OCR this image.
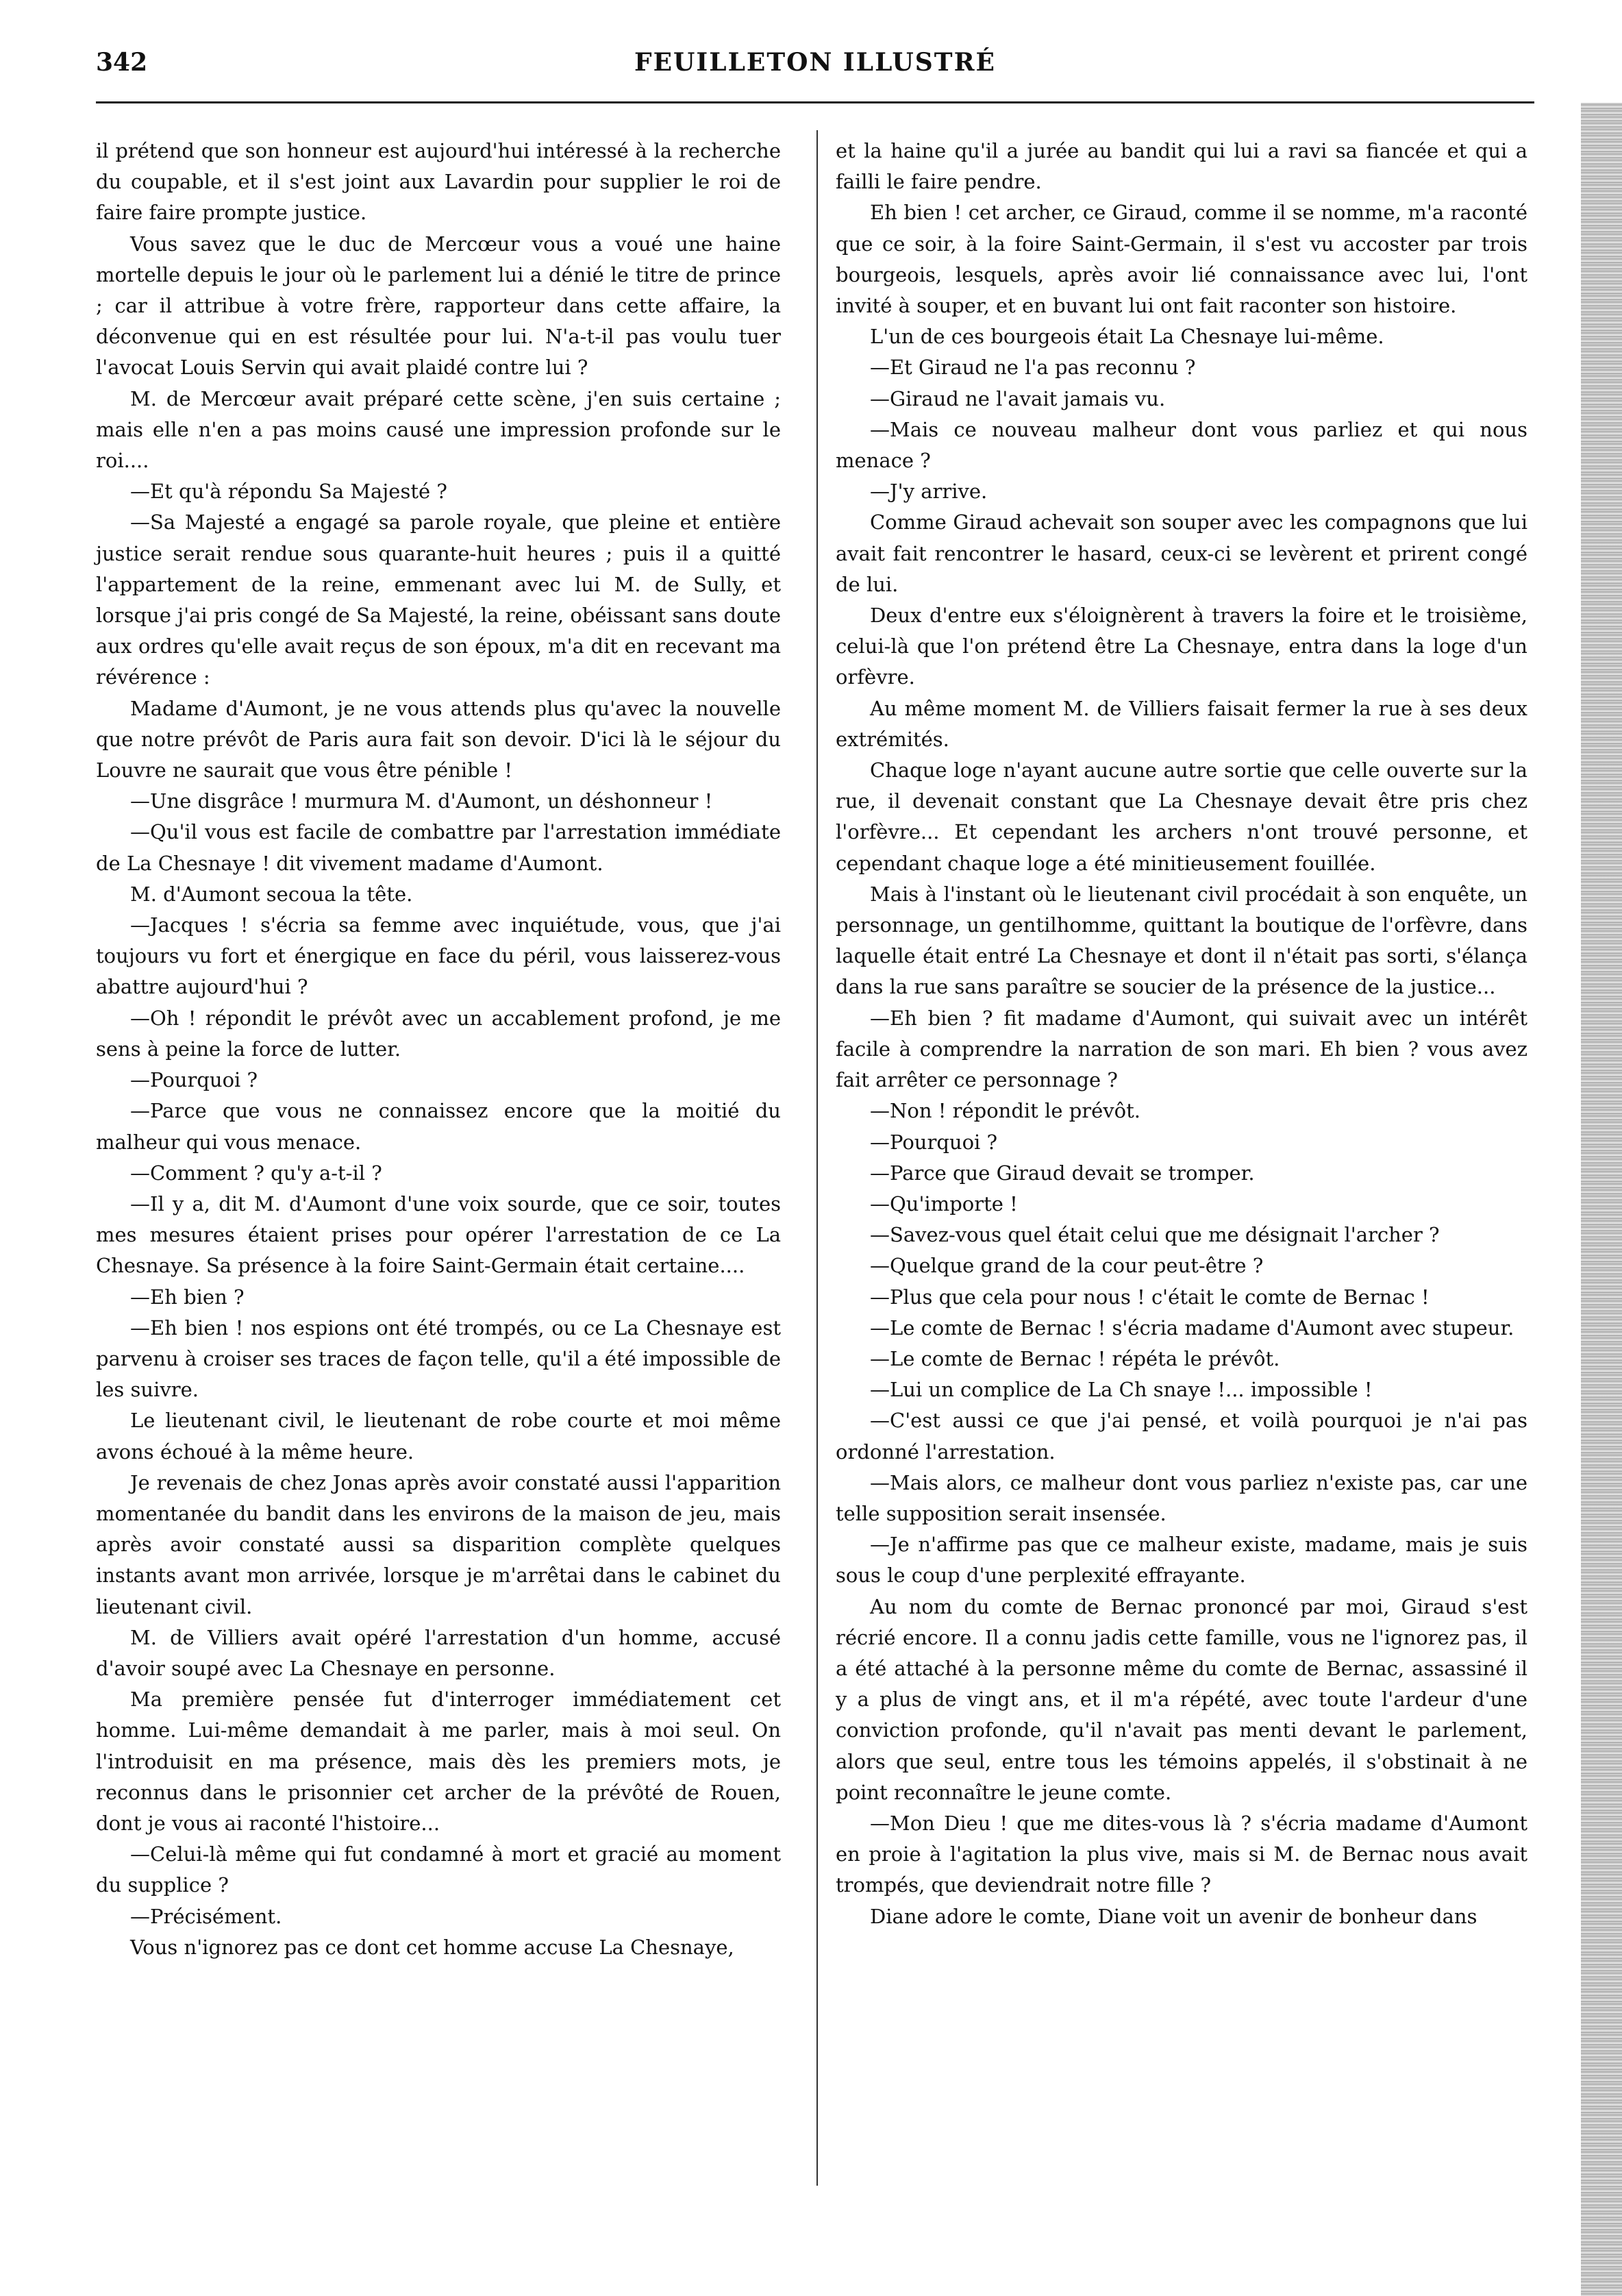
342	FEUILLETON ILLUSTRÉ

il prétend que son honneur est aujourd'hui intéressé à la recherche du coupable, et il s'est joint aux Lavardin pour supplier le roi de faire faire prompte justice.

Vous savez que le duc de Mercœur vous a voué une haine mortelle depuis le jour où le parlement lui a dénié le titre de prince ; car il attribue à votre frère, rapporteur dans cette affaire, la déconvenue qui en est résultée pour lui. N'a-t-il pas voulu tuer l'avocat Louis Servin qui avait plaidé contre lui ?

M. de Mercœur avait préparé cette scène, j'en suis certaine ; mais elle n'en a pas moins causé une impression profonde sur le roi....

—Et qu'à répondu Sa Majesté ?

—Sa Majesté a engagé sa parole royale, que pleine et entière justice serait rendue sous quarante-huit heures ; puis il a quitté l'appartement de la reine, emmenant avec lui M. de Sully, et lorsque j'ai pris congé de Sa Majesté, la reine, obéissant sans doute aux ordres qu'elle avait reçus de son époux, m'a dit en recevant ma révérence :

Madame d'Aumont, je ne vous attends plus qu'avec la nouvelle que notre prévôt de Paris aura fait son devoir. D'ici là le séjour du Louvre ne saurait que vous être pénible !

—Une disgrâce ! murmura M. d'Aumont, un déshonneur !

—Qu'il vous est facile de combattre par l'arrestation immédiate de La Chesnaye ! dit vivement madame d'Aumont.

M. d'Aumont secoua la tête.

—Jacques ! s'écria sa femme avec inquiétude, vous, que j'ai toujours vu fort et énergique en face du péril, vous laisserez-vous abattre aujourd'hui ?

—Oh ! répondit le prévôt avec un accablement profond, je me sens à peine la force de lutter.

—Pourquoi ?

—Parce que vous ne connaissez encore que la moitié du malheur qui vous menace.

—Comment ? qu'y a-t-il ?

—Il y a, dit M. d'Aumont d'une voix sourde, que ce soir, toutes mes mesures étaient prises pour opérer l'arrestation de ce La Chesnaye. Sa présence à la foire Saint-Germain était certaine....

—Eh bien ?

—Eh bien ! nos espions ont été trompés, ou ce La Chesnaye est parvenu à croiser ses traces de façon telle, qu'il a été impossible de les suivre.

Le lieutenant civil, le lieutenant de robe courte et moi même avons échoué à la même heure.

Je revenais de chez Jonas après avoir constaté aussi l'apparition momentanée du bandit dans les environs de la maison de jeu, mais après avoir constaté aussi sa disparition complète quelques instants avant mon arrivée, lorsque je m'arrêtai dans le cabinet du lieutenant civil.

M. de Villiers avait opéré l'arrestation d'un homme, accusé d'avoir soupé avec La Chesnaye en personne.

Ma première pensée fut d'interroger immédiatement cet homme. Lui-même demandait à me parler, mais à moi seul. On l'introduisit en ma présence, mais dès les premiers mots, je reconnus dans le prisonnier cet archer de la prévôté de Rouen, dont je vous ai raconté l'histoire...

—Celui-là même qui fut condamné à mort et gracié au moment du supplice ?

—Précisément.

Vous n'ignorez pas ce dont cet homme accuse La Chesnaye,

et la haine qu'il a jurée au bandit qui lui a ravi sa fiancée et qui a failli le faire pendre.

Eh bien ! cet archer, ce Giraud, comme il se nomme, m'a raconté que ce soir, à la foire Saint-Germain, il s'est vu accoster par trois bourgeois, lesquels, après avoir lié connaissance avec lui, l'ont invité à souper, et en buvant lui ont fait raconter son histoire.

L'un de ces bourgeois était La Chesnaye lui-même.

—Et Giraud ne l'a pas reconnu ?

—Giraud ne l'avait jamais vu.

—Mais ce nouveau malheur dont vous parliez et qui nous menace ?

—J'y arrive.

Comme Giraud achevait son souper avec les compagnons que lui avait fait rencontrer le hasard, ceux-ci se levèrent et prirent congé de lui.

Deux d'entre eux s'éloignèrent à travers la foire et le troisième, celui-là que l'on prétend être La Chesnaye, entra dans la loge d'un orfèvre.

Au même moment M. de Villiers faisait fermer la rue à ses deux extrémités.

Chaque loge n'ayant aucune autre sortie que celle ouverte sur la rue, il devenait constant que La Chesnaye devait être pris chez l'orfèvre... Et cependant les archers n'ont trouvé personne, et cependant chaque loge a été minitieusement fouillée.

Mais à l'instant où le lieutenant civil procédait à son enquête, un personnage, un gentilhomme, quittant la boutique de l'orfèvre, dans laquelle était entré La Chesnaye et dont il n'était pas sorti, s'élança dans la rue sans paraître se soucier de la présence de la justice...

—Eh bien ? fit madame d'Aumont, qui suivait avec un intérêt facile à comprendre la narration de son mari. Eh bien ? vous avez fait arrêter ce personnage ?

—Non ! répondit le prévôt.

—Pourquoi ?

—Parce que Giraud devait se tromper.

—Qu'importe !

—Savez-vous quel était celui que me désignait l'archer ?

—Quelque grand de la cour peut-être ?

—Plus que cela pour nous ! c'était le comte de Bernac !

—Le comte de Bernac ! s'écria madame d'Aumont avec stupeur.

—Le comte de Bernac ! répéta le prévôt.

—Lui un complice de La Ch snaye !... impossible !

—C'est aussi ce que j'ai pensé, et voilà pourquoi je n'ai pas ordonné l'arrestation.

—Mais alors, ce malheur dont vous parliez n'existe pas, car une telle supposition serait insensée.

—Je n'affirme pas que ce malheur existe, madame, mais je suis sous le coup d'une perplexité effrayante.

Au nom du comte de Bernac prononcé par moi, Giraud s'est récrié encore. Il a connu jadis cette famille, vous ne l'ignorez pas, il a été attaché à la personne même du comte de Bernac, assassiné il y a plus de vingt ans, et il m'a répété, avec toute l'ardeur d'une conviction profonde, qu'il n'avait pas menti devant le parlement, alors que seul, entre tous les témoins appelés, il s'obstinait à ne point reconnaître le jeune comte.

—Mon Dieu ! que me dites-vous là ? s'écria madame d'Aumont en proie à l'agitation la plus vive, mais si M. de Bernac nous avait trompés, que deviendrait notre fille ?

Diane adore le comte, Diane voit un avenir de bonheur dans
